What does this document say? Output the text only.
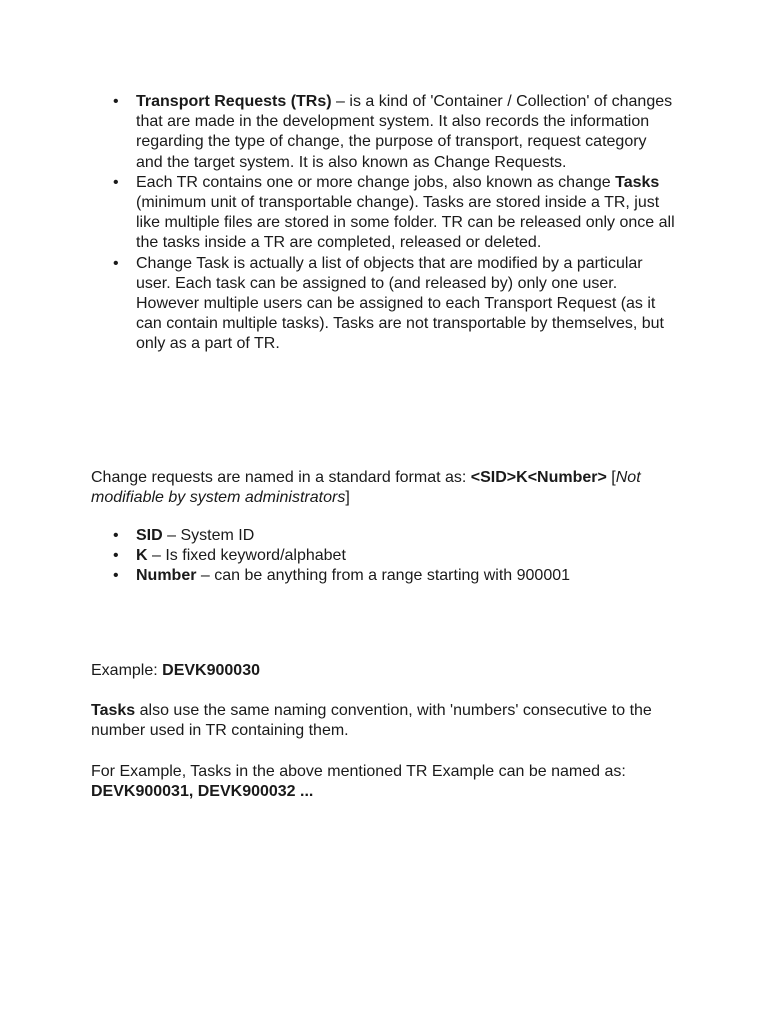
• Transport Requests (TRs) – is a kind of 'Container / Collection' of changes that are made in the development system. It also records the information regarding the type of change, the purpose of transport, request category and the target system. It is also known as Change Requests.
• Each TR contains one or more change jobs, also known as change Tasks (minimum unit of transportable change). Tasks are stored inside a TR, just like multiple files are stored in some folder. TR can be released only once all the tasks inside a TR are completed, released or deleted.
• Change Task is actually a list of objects that are modified by a particular user. Each task can be assigned to (and released by) only one user. However multiple users can be assigned to each Transport Request (as it can contain multiple tasks). Tasks are not transportable by themselves, but only as a part of TR.

Change requests are named in a standard format as: <SID>K<Number> [Not modifiable by system administrators]

• SID – System ID
• K – Is fixed keyword/alphabet
• Number – can be anything from a range starting with 900001

Example: DEVK900030

Tasks also use the same naming convention, with 'numbers' consecutive to the number used in TR containing them.

For Example, Tasks in the above mentioned TR Example can be named as: DEVK900031, DEVK900032 ...
